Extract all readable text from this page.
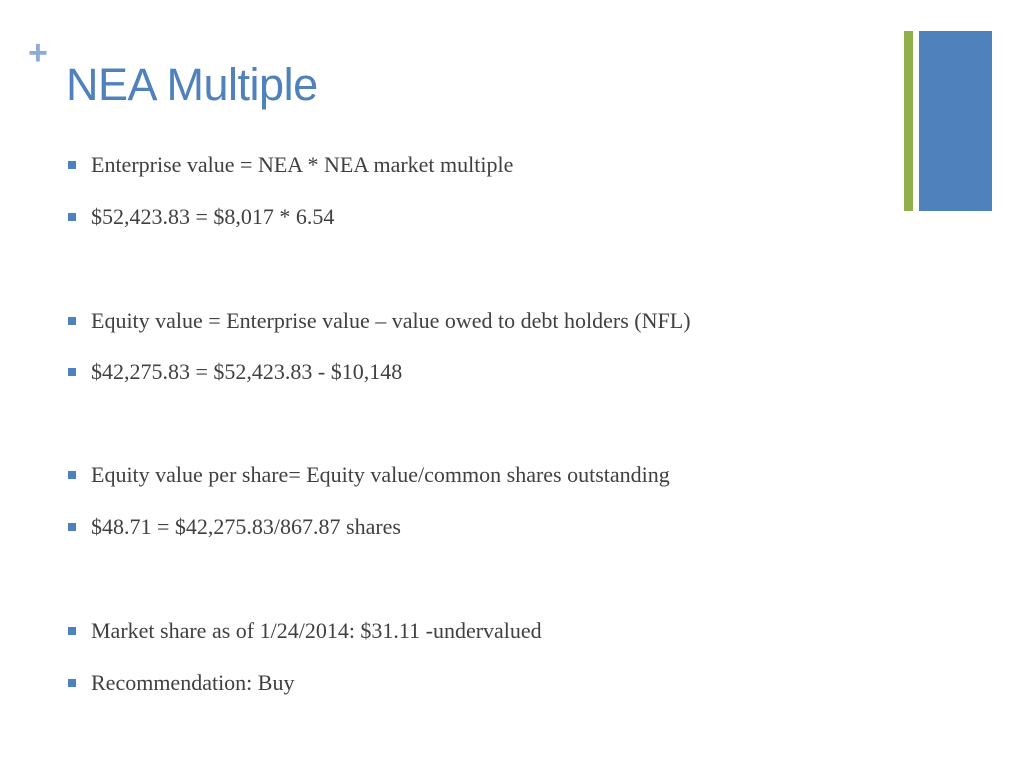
+
NEA Multiple
Enterprise value = NEA * NEA market multiple
$52,423.83 = $8,017 * 6.54
Equity value = Enterprise value – value owed to debt holders (NFL)
$42,275.83 = $52,423.83 - $10,148
Equity value per share= Equity value/common shares outstanding
$48.71 = $42,275.83/867.87 shares
Market share as of 1/24/2014: $31.11 -undervalued
Recommendation: Buy
